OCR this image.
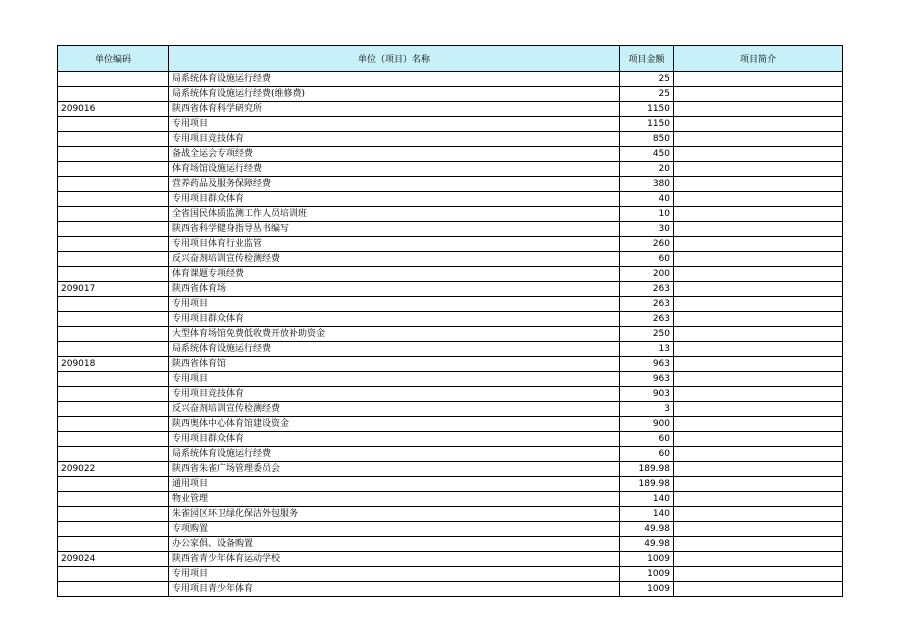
单位编码	单位（项目）名称	项目金额	项目简介
	局系统体育设施运行经费	25	
	局系统体育设施运行经费(维修费)	25	
209016	陕西省体育科学研究所	1150	
	专用项目	1150	
	专用项目竞技体育	850	
	备战全运会专项经费	450	
	体育场馆设施运行经费	20	
	营养药品及服务保障经费	380	
	专用项目群众体育	40	
	全省国民体质监测工作人员培训班	10	
	陕西省科学健身指导丛书编写	30	
	专用项目体育行业监管	260	
	反兴奋剂培训宣传检测经费	60	
	体育课题专项经费	200	
209017	陕西省体育场	263	
	专用项目	263	
	专用项目群众体育	263	
	大型体育场馆免费低收费开放补助资金	250	
	局系统体育设施运行经费	13	
209018	陕西省体育馆	963	
	专用项目	963	
	专用项目竞技体育	903	
	反兴奋剂培训宣传检测经费	3	
	陕西奥体中心体育馆建设资金	900	
	专用项目群众体育	60	
	局系统体育设施运行经费	60	
209022	陕西省朱雀广场管理委员会	189.98	
	通用项目	189.98	
	物业管理	140	
	朱雀园区环卫绿化保洁外包服务	140	
	专项购置	49.98	
	办公家俱、设备购置	49.98	
209024	陕西省青少年体育运动学校	1009	
	专用项目	1009	
	专用项目青少年体育	1009	
